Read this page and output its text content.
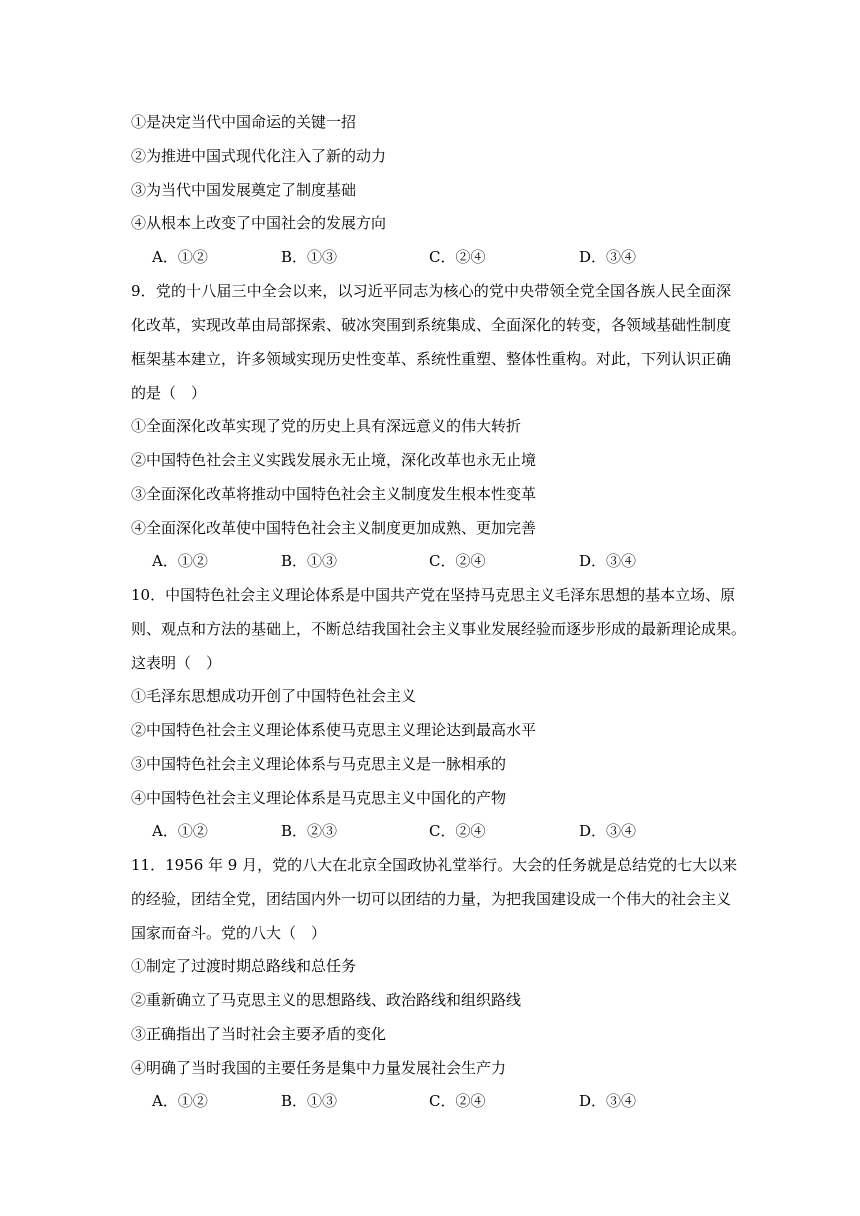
①是决定当代中国命运的关键一招
②为推进中国式现代化注入了新的动力
③为当代中国发展奠定了制度基础
④从根本上改变了中国社会的发展方向
A．①②	B．①③	C．②④	D．③④
9．党的十八届三中全会以来，以习近平同志为核心的党中央带领全党全国各族人民全面深
化改革，实现改革由局部探索、破冰突围到系统集成、全面深化的转变，各领域基础性制度
框架基本建立，许多领域实现历史性变革、系统性重塑、整体性重构。对此，下列认识正确
的是（　）
①全面深化改革实现了党的历史上具有深远意义的伟大转折
②中国特色社会主义实践发展永无止境，深化改革也永无止境
③全面深化改革将推动中国特色社会主义制度发生根本性变革
④全面深化改革使中国特色社会主义制度更加成熟、更加完善
A．①②	B．①③	C．②④	D．③④
10．中国特色社会主义理论体系是中国共产党在坚持马克思主义毛泽东思想的基本立场、原
则、观点和方法的基础上，不断总结我国社会主义事业发展经验而逐步形成的最新理论成果。
这表明（　）
①毛泽东思想成功开创了中国特色社会主义
②中国特色社会主义理论体系使马克思主义理论达到最高水平
③中国特色社会主义理论体系与马克思主义是一脉相承的
④中国特色社会主义理论体系是马克思主义中国化的产物
A．①②	B．②③	C．②④	D．③④
11．1956 年 9 月，党的八大在北京全国政协礼堂举行。大会的任务就是总结党的七大以来
的经验，团结全党，团结国内外一切可以团结的力量，为把我国建设成一个伟大的社会主义
国家而奋斗。党的八大（　）
①制定了过渡时期总路线和总任务
②重新确立了马克思主义的思想路线、政治路线和组织路线
③正确指出了当时社会主要矛盾的变化
④明确了当时我国的主要任务是集中力量发展社会生产力
A．①②	B．①③	C．②④	D．③④
